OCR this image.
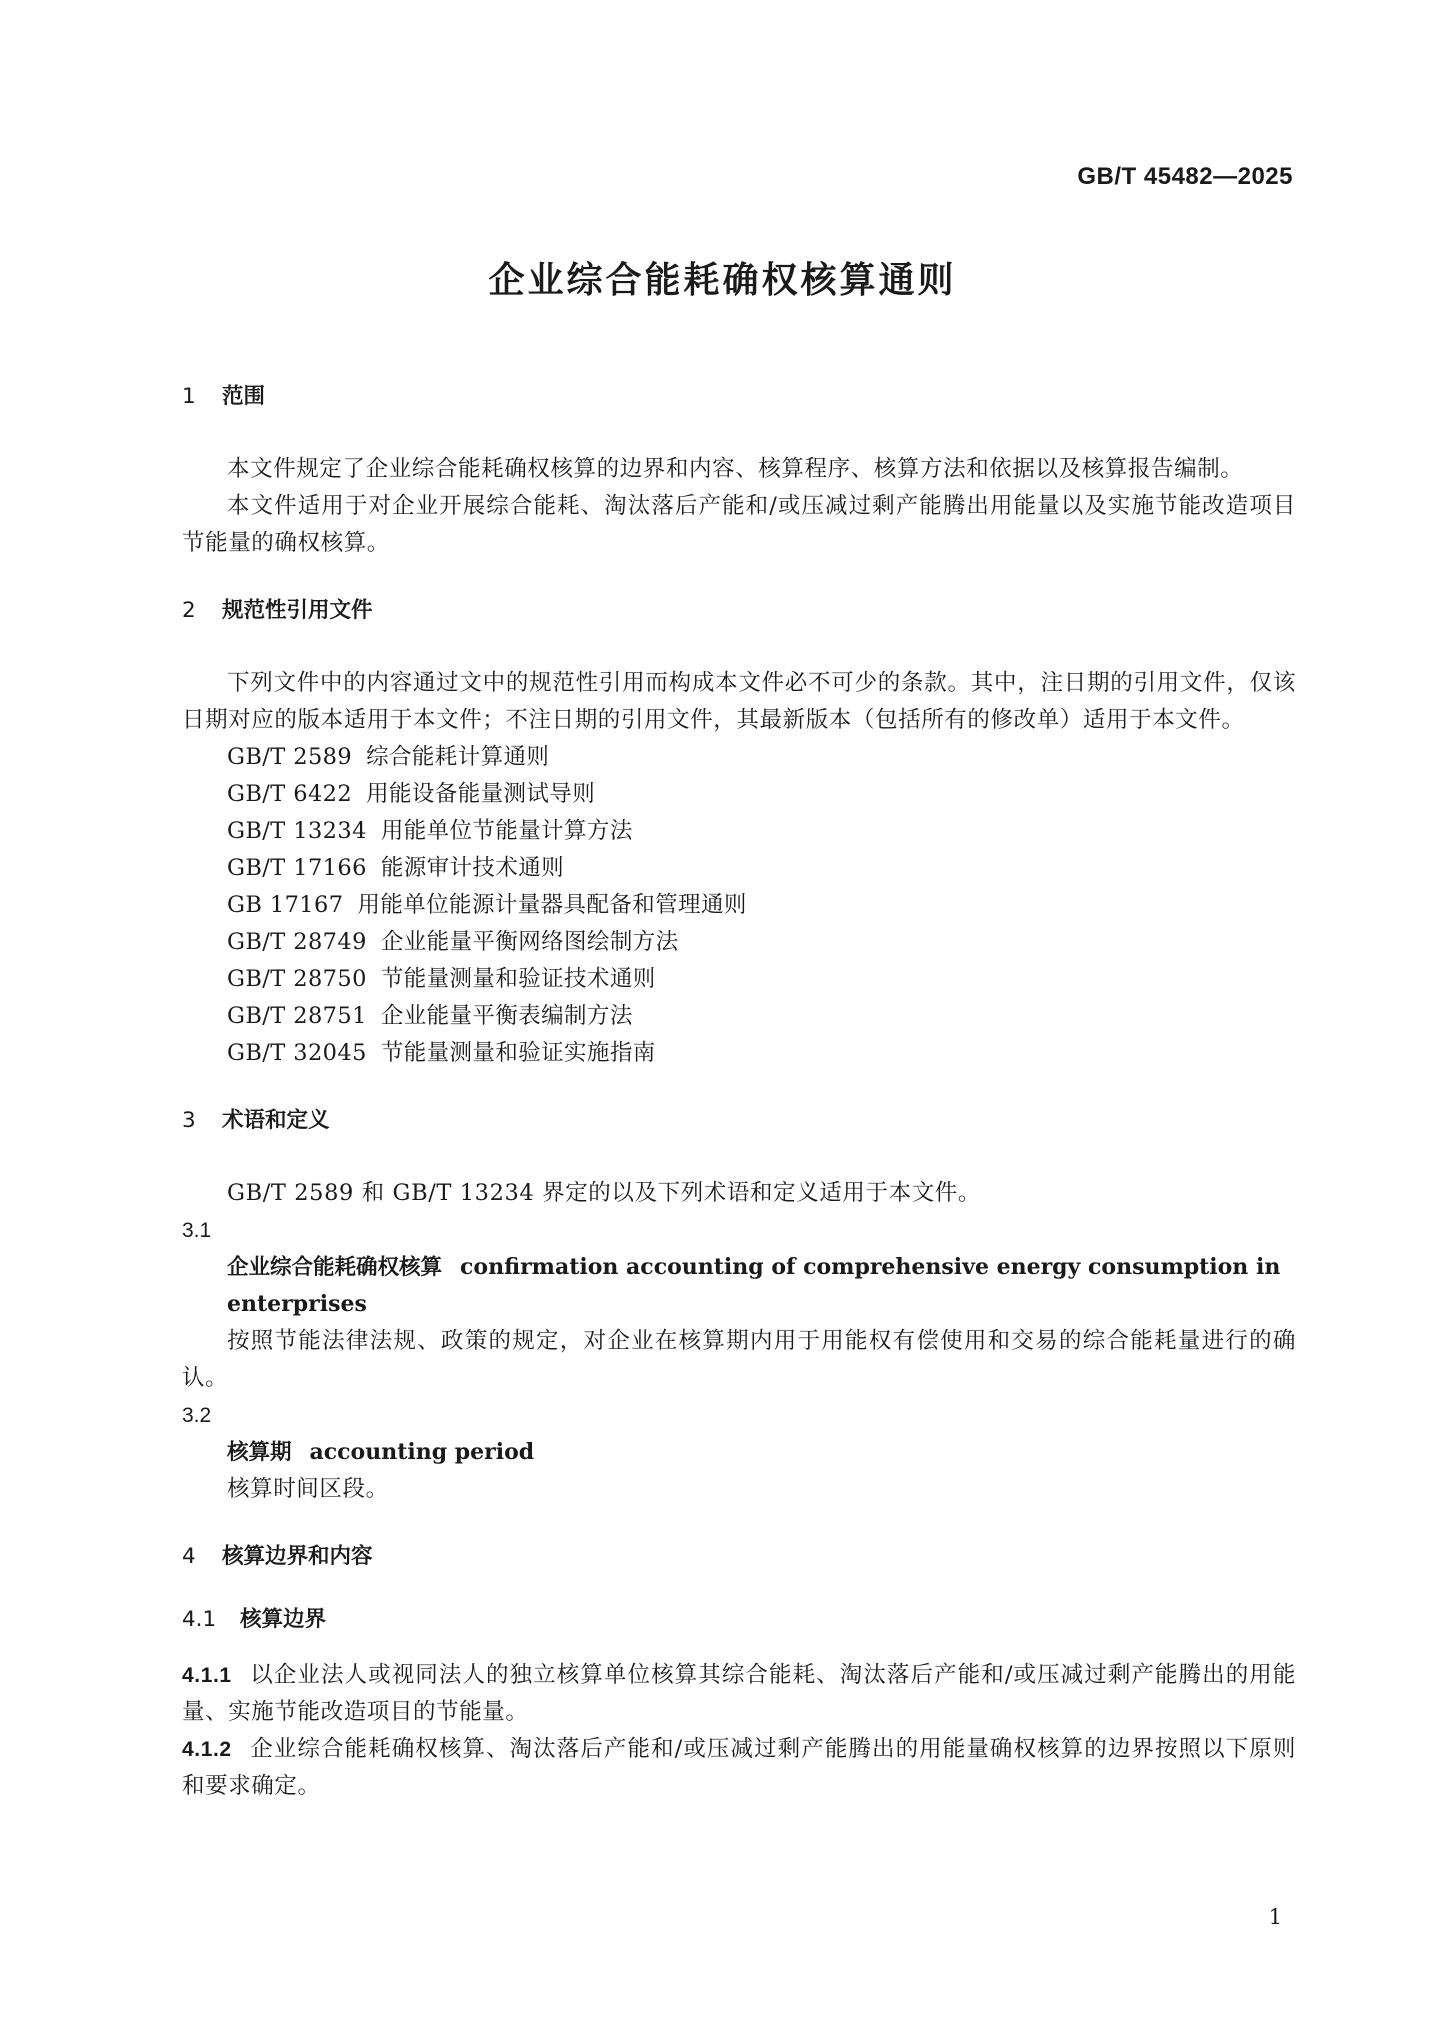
GB/T 45482—2025
企业综合能耗确权核算通则
1 范围

本文件规定了企业综合能耗确权核算的边界和内容、核算程序、核算方法和依据以及核算报告编制。

本文件适用于对企业开展综合能耗、淘汰落后产能和/或压减过剩产能腾出用能量以及实施节能改造项目节能量的确权核算。

2 规范性引用文件

下列文件中的内容通过文中的规范性引用而构成本文件必不可少的条款。其中，注日期的引用文件，仅该日期对应的版本适用于本文件；不注日期的引用文件，其最新版本（包括所有的修改单）适用于本文件。

GB/T 2589 综合能耗计算通则

GB/T 6422 用能设备能量测试导则

GB/T 13234 用能单位节能量计算方法

GB/T 17166 能源审计技术通则

GB 17167 用能单位能源计量器具配备和管理通则

GB/T 28749 企业能量平衡网络图绘制方法

GB/T 28750 节能量测量和验证技术通则

GB/T 28751 企业能量平衡表编制方法

GB/T 32045 节能量测量和验证实施指南

3 术语和定义

GB/T 2589 和 GB/T 13234 界定的以及下列术语和定义适用于本文件。

3.1

企业综合能耗确权核算 confirmation accounting of comprehensive energy consumption in enterprises

按照节能法律法规、政策的规定，对企业在核算期内用于用能权有偿使用和交易的综合能耗量进行的确认。

3.2

核算期 accounting period

核算时间区段。

4 核算边界和内容
4.1 核算边界

4.1.1 以企业法人或视同法人的独立核算单位核算其综合能耗、淘汰落后产能和/或压减过剩产能腾出的用能量、实施节能改造项目的节能量。

4.1.2 企业综合能耗确权核算、淘汰落后产能和/或压减过剩产能腾出的用能量确权核算的边界按照以下原则和要求确定。

1
